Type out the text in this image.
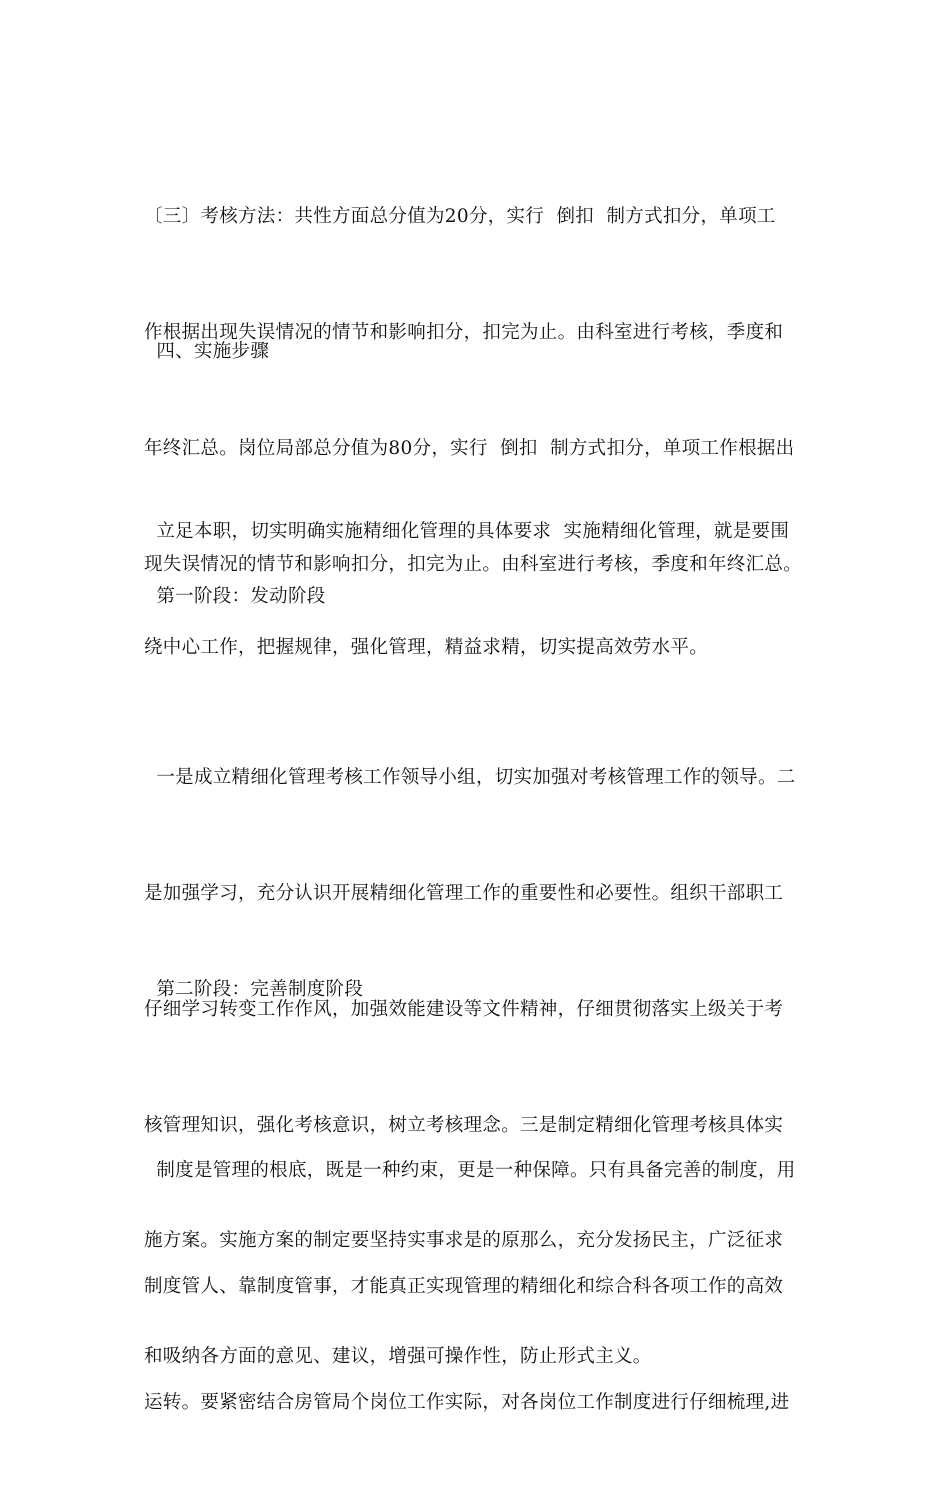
〔三〕考核方法：共性方面总分值为20分，实行  倒扣  制方式扣分，单项工

作根据出现失误情况的情节和影响扣分，扣完为止。由科室进行考核，季度和

年终汇总。岗位局部总分值为80分，实行  倒扣  制方式扣分，单项工作根据出

现失误情况的情节和影响扣分，扣完为止。由科室进行考核，季度和年终汇总。

四、实施步骤

立足本职，切实明确实施精细化管理的具体要求  实施精细化管理，就是要围

绕中心工作，把握规律，强化管理，精益求精，切实提高效劳水平。

第一阶段：发动阶段

一是成立精细化管理考核工作领导小组，切实加强对考核管理工作的领导。二

是加强学习，充分认识开展精细化管理工作的重要性和必要性。组织干部职工

仔细学习转变工作作风，加强效能建设等文件精神，仔细贯彻落实上级关于考

核管理知识，强化考核意识，树立考核理念。三是制定精细化管理考核具体实

施方案。实施方案的制定要坚持实事求是的原那么，充分发扬民主，广泛征求

和吸纳各方面的意见、建议，增强可操作性，防止形式主义。

第二阶段：完善制度阶段

制度是管理的根底，既是一种约束，更是一种保障。只有具备完善的制度，用

制度管人、靠制度管事，才能真正实现管理的精细化和综合科各项工作的高效

运转。要紧密结合房管局个岗位工作实际，对各岗位工作制度进行仔细梳理,进
